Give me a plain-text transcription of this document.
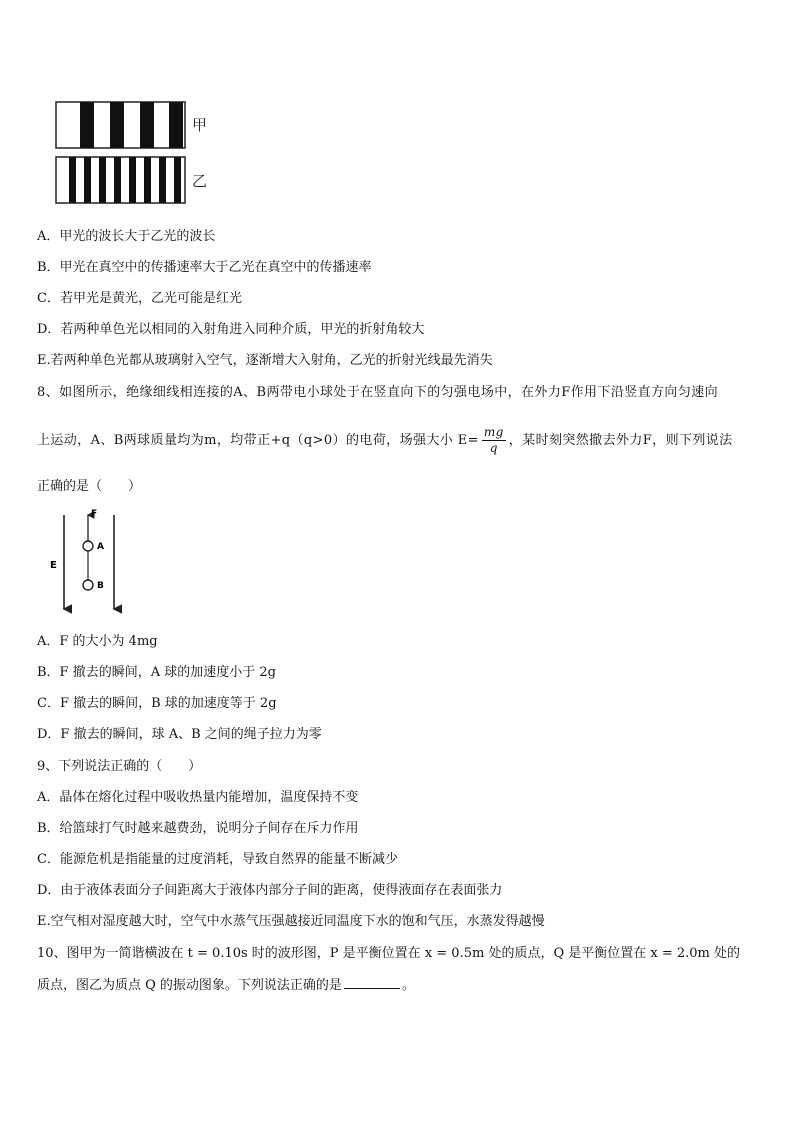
甲
乙
A．甲光的波长大于乙光的波长
B．甲光在真空中的传播速率大于乙光在真空中的传播速率
C．若甲光是黄光，乙光可能是红光
D．若两种单色光以相同的入射角进入同种介质，甲光的折射角较大
E.若两种单色光都从玻璃射入空气，逐渐增大入射角，乙光的折射光线最先消失
8、如图所示，绝缘细线相连接的A、B两带电小球处于在竖直向下的匀强电场中，在外力F作用下沿竖直方向匀速向
上运动，A、B两球质量均为m，均带正+q（q>0）的电荷，场强大小 $E= \frac{mg}{q}$ ，某时刻突然撤去外力F，则下列说法
正确的是（　　）
E
F
A
B
A．F 的大小为 4mg
B．F 撤去的瞬间，A 球的加速度小于 2g
C．F 撤去的瞬间，B 球的加速度等于 2g
D．F 撤去的瞬间，球 A、B 之间的绳子拉力为零
9、下列说法正确的（　　）
A．晶体在熔化过程中吸收热量内能增加，温度保持不变
B．给篮球打气时越来越费劲，说明分子间存在斥力作用
C．能源危机是指能量的过度消耗，导致自然界的能量不断减少
D．由于液体表面分子间距离大于液体内部分子间的距离，使得液面存在表面张力
E.空气相对湿度越大时，空气中水蒸气压强越接近同温度下水的饱和气压，水蒸发得越慢
10、图甲为一简谐横波在 t = 0.10s 时的波形图，P 是平衡位置在 x = 0.5m 处的质点，Q 是平衡位置在 x = 2.0m 处的
质点，图乙为质点 Q 的振动图象。下列说法正确的是	。
